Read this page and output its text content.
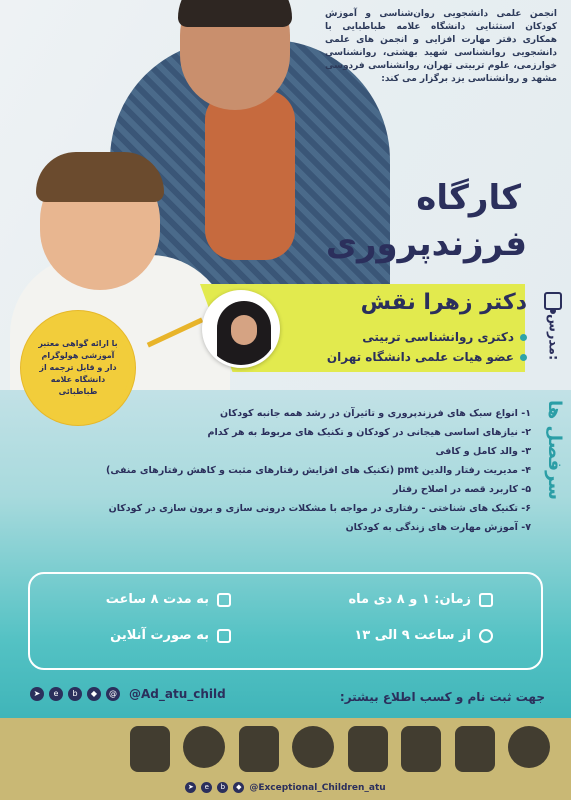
انجمن علمی دانشجویی روان‌شناسی و آموزش کودکان استثنایی دانشگاه علامه طباطبایی با همکاری دفتر مهارت افزایی و انجمن های علمی دانشجویی روانشناسی شهید بهشتی، روانشناسی خوارزمی، علوم تربیتی تهران، روانشناسی فردوسی مشهد و روانشناسی یزد برگزار می کند:

کارگاه
فرزندپروری
مدرس:
دکتر زهرا نقش
دکتری روانشناسی تربیتی
عضو هیات علمی دانشگاه تهران
با ارائه گواهی معتبر آموزشی هولوگرام دار و قابل ترجمه از دانشگاه علامه طباطبائی
سرفصل ها
۱- انواع سبک های فرزندپروری و تاثیرآن در رشد همه جانبه کودکان
۲- نیازهای اساسی هیجانی در کودکان و تکنیک های مربوط به هر کدام
۳- والد کامل و کافی
۴- مدیریت رفتار والدین pmt (تکنیک های افزایش رفتارهای مثبت و کاهش رفتارهای منفی)
۵- کاربرد قصه در اصلاح رفتار
۶- تکنیک های شناختی - رفتاری در مواجه با مشکلات درونی سازی و برون سازی در کودکان
۷- آموزش مهارت های زندگی به کودکان
زمان: ۱ و ۸ دی ماه
از ساعت ۹ الی ۱۳
به مدت ۸ ساعت
به صورت آنلاین
جهت ثبت نام و کسب اطلاع بیشتر:
➤	e	b	◆	@ @Ad_atu_child
➤	e	b	◆ @Exceptional_Children_atu
